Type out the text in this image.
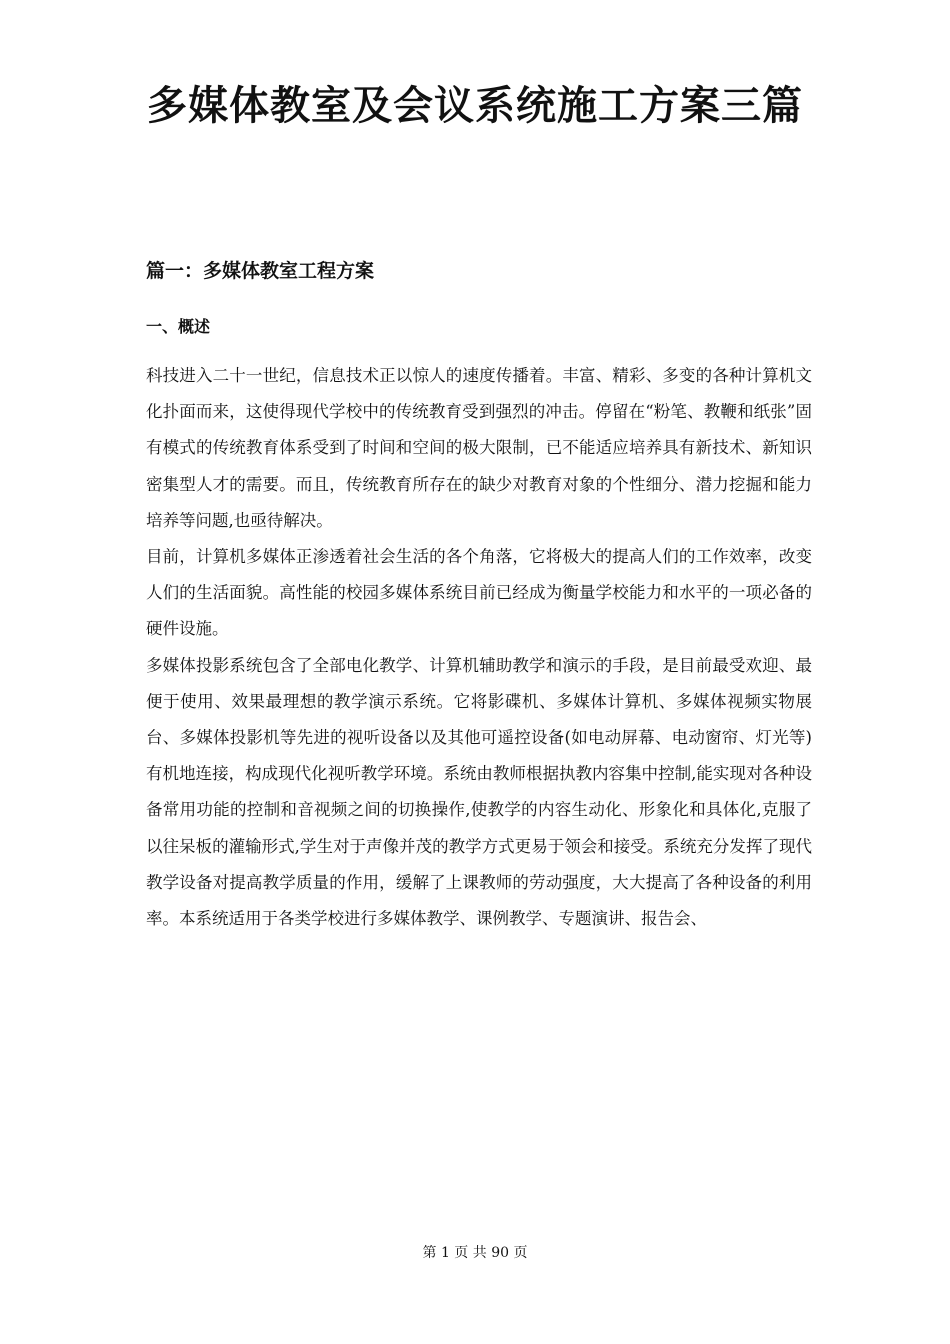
多媒体教室及会议系统施工方案三篇
篇一：多媒体教室工程方案
一、概述

科技进入二十一世纪，信息技术正以惊人的速度传播着。丰富、精彩、多变的各种计算机文化扑面而来，这使得现代学校中的传统教育受到强烈的冲击。停留在“粉笔、教鞭和纸张”固有模式的传统教育体系受到了时间和空间的极大限制，已不能适应培养具有新技术、新知识密集型人才的需要。而且，传统教育所存在的缺少对教育对象的个性细分、潜力挖掘和能力培养等问题,也亟待解决。

目前，计算机多媒体正渗透着社会生活的各个角落，它将极大的提高人们的工作效率，改变人们的生活面貌。高性能的校园多媒体系统目前已经成为衡量学校能力和水平的一项必备的硬件设施。

多媒体投影系统包含了全部电化教学、计算机辅助教学和演示的手段，是目前最受欢迎、最便于使用、效果最理想的教学演示系统。它将影碟机、多媒体计算机、多媒体视频实物展台、多媒体投影机等先进的视听设备以及其他可遥控设备(如电动屏幕、电动窗帘、灯光等)有机地连接，构成现代化视听教学环境。系统由教师根据执教内容集中控制,能实现对各种设备常用功能的控制和音视频之间的切换操作,使教学的内容生动化、形象化和具体化,克服了以往呆板的灌输形式,学生对于声像并茂的教学方式更易于领会和接受。系统充分发挥了现代教学设备对提高教学质量的作用，缓解了上课教师的劳动强度，大大提高了各种设备的利用率。本系统适用于各类学校进行多媒体教学、课例教学、专题演讲、报告会、

第 1 页 共 90 页
